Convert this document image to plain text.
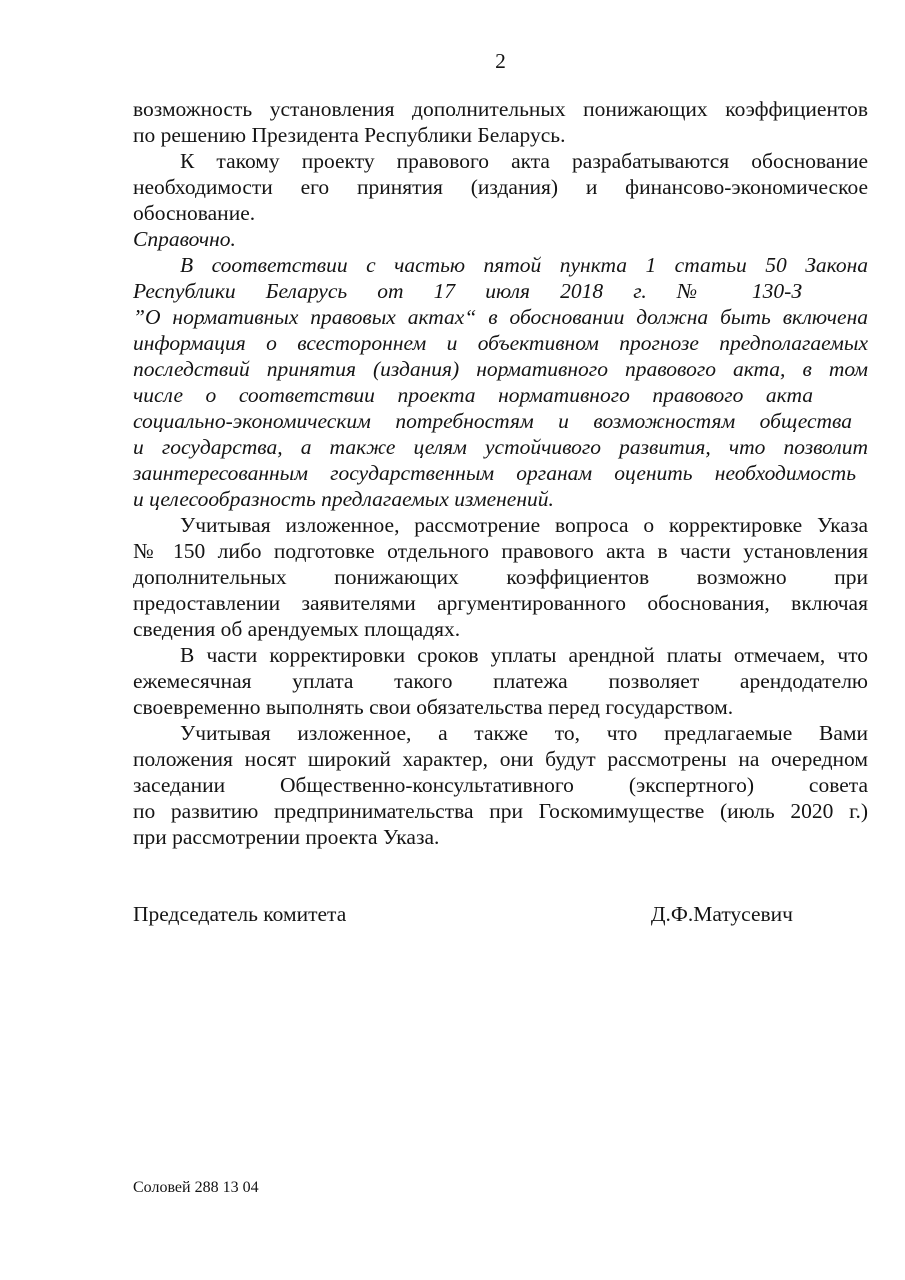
2
возможность установления дополнительных понижающих коэффициентов
по решению Президента Республики Беларусь.
К такому проекту правового акта разрабатываются обоснование
необходимости его принятия (издания) и финансово-экономическое
обоснование.
Справочно.
В соответствии с частью пятой пункта 1 статьи 50 Закона
Республики Беларусь от 17 июля 2018 г. № 130-З
”О нормативных правовых актах“ в обосновании должна быть включена
информация о всестороннем и объективном прогнозе предполагаемых
последствий принятия (издания) нормативного правового акта, в том
числе о соответствии проекта нормативного правового акта
социально-экономическим потребностям и возможностям общества
и государства, а также целям устойчивого развития, что позволит
заинтересованным государственным органам оценить необходимость
и целесообразность предлагаемых изменений.
Учитывая изложенное, рассмотрение вопроса о корректировке Указа
№ 150 либо подготовке отдельного правового акта в части установления
дополнительных понижающих коэффициентов возможно при
предоставлении заявителями аргументированного обоснования, включая
сведения об арендуемых площадях.
В части корректировки сроков уплаты арендной платы отмечаем, что
ежемесячная уплата такого платежа позволяет арендодателю
своевременно выполнять свои обязательства перед государством.
Учитывая изложенное, а также то, что предлагаемые Вами
положения носят широкий характер, они будут рассмотрены на очередном
заседании Общественно-консультативного (экспертного) совета
по развитию предпринимательства при Госкомимуществе (июль 2020 г.)
при рассмотрении проекта Указа.
Председатель комитета	Д.Ф.Матусевич
Соловей 288 13 04
